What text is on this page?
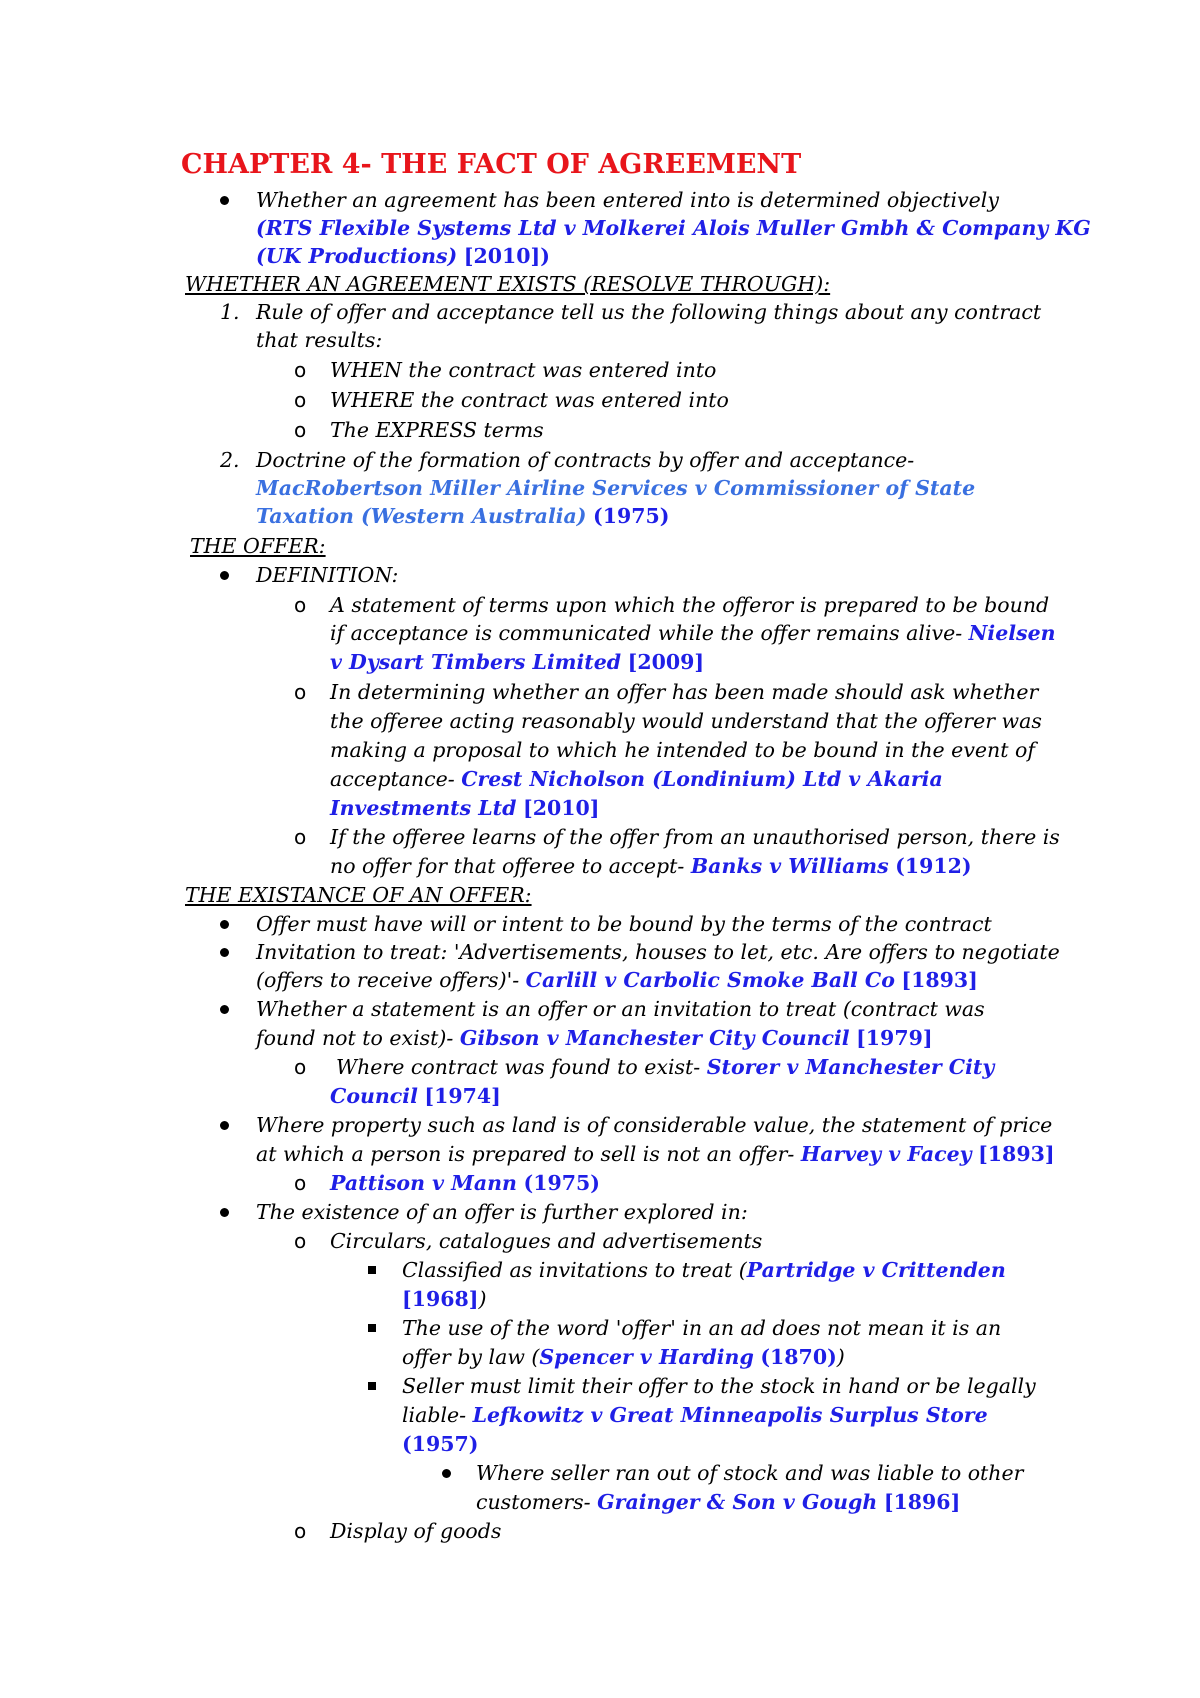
CHAPTER 4- THE FACT OF AGREEMENT
Whether an agreement has been entered into is determined objectively
(RTS Flexible Systems Ltd v Molkerei Alois Muller Gmbh & Company KG
(UK Productions) [2010])
WHETHER AN AGREEMENT EXISTS (RESOLVE THROUGH):
1. Rule of offer and acceptance tell us the following things about any contract
that results:
o WHEN the contract was entered into
o WHERE the contract was entered into
o The EXPRESS terms
2. Doctrine of the formation of contracts by offer and acceptance-
MacRobertson Miller Airline Services v Commissioner of State
Taxation (Western Australia) (1975)
THE OFFER:
DEFINITION:
o A statement of terms upon which the offeror is prepared to be bound
if acceptance is communicated while the offer remains alive- Nielsen
v Dysart Timbers Limited [2009]
o In determining whether an offer has been made should ask whether
the offeree acting reasonably would understand that the offerer was
making a proposal to which he intended to be bound in the event of
acceptance- Crest Nicholson (Londinium) Ltd v Akaria
Investments Ltd [2010]
o If the offeree learns of the offer from an unauthorised person, there is
no offer for that offeree to accept- Banks v Williams (1912)
THE EXISTANCE OF AN OFFER:
Offer must have will or intent to be bound by the terms of the contract
Invitation to treat: 'Advertisements, houses to let, etc. Are offers to negotiate
(offers to receive offers)'- Carlill v Carbolic Smoke Ball Co [1893]
Whether a statement is an offer or an invitation to treat (contract was
found not to exist)- Gibson v Manchester City Council [1979]
o Where contract was found to exist- Storer v Manchester City
Council [1974]
Where property such as land is of considerable value, the statement of price
at which a person is prepared to sell is not an offer- Harvey v Facey [1893]
o Pattison v Mann (1975)
The existence of an offer is further explored in:
o Circulars, catalogues and advertisements
Classified as invitations to treat (Partridge v Crittenden
[1968])
The use of the word 'offer' in an ad does not mean it is an
offer by law (Spencer v Harding (1870))
Seller must limit their offer to the stock in hand or be legally
liable- Lefkowitz v Great Minneapolis Surplus Store
(1957)
Where seller ran out of stock and was liable to other
customers- Grainger & Son v Gough [1896]
o Display of goods
